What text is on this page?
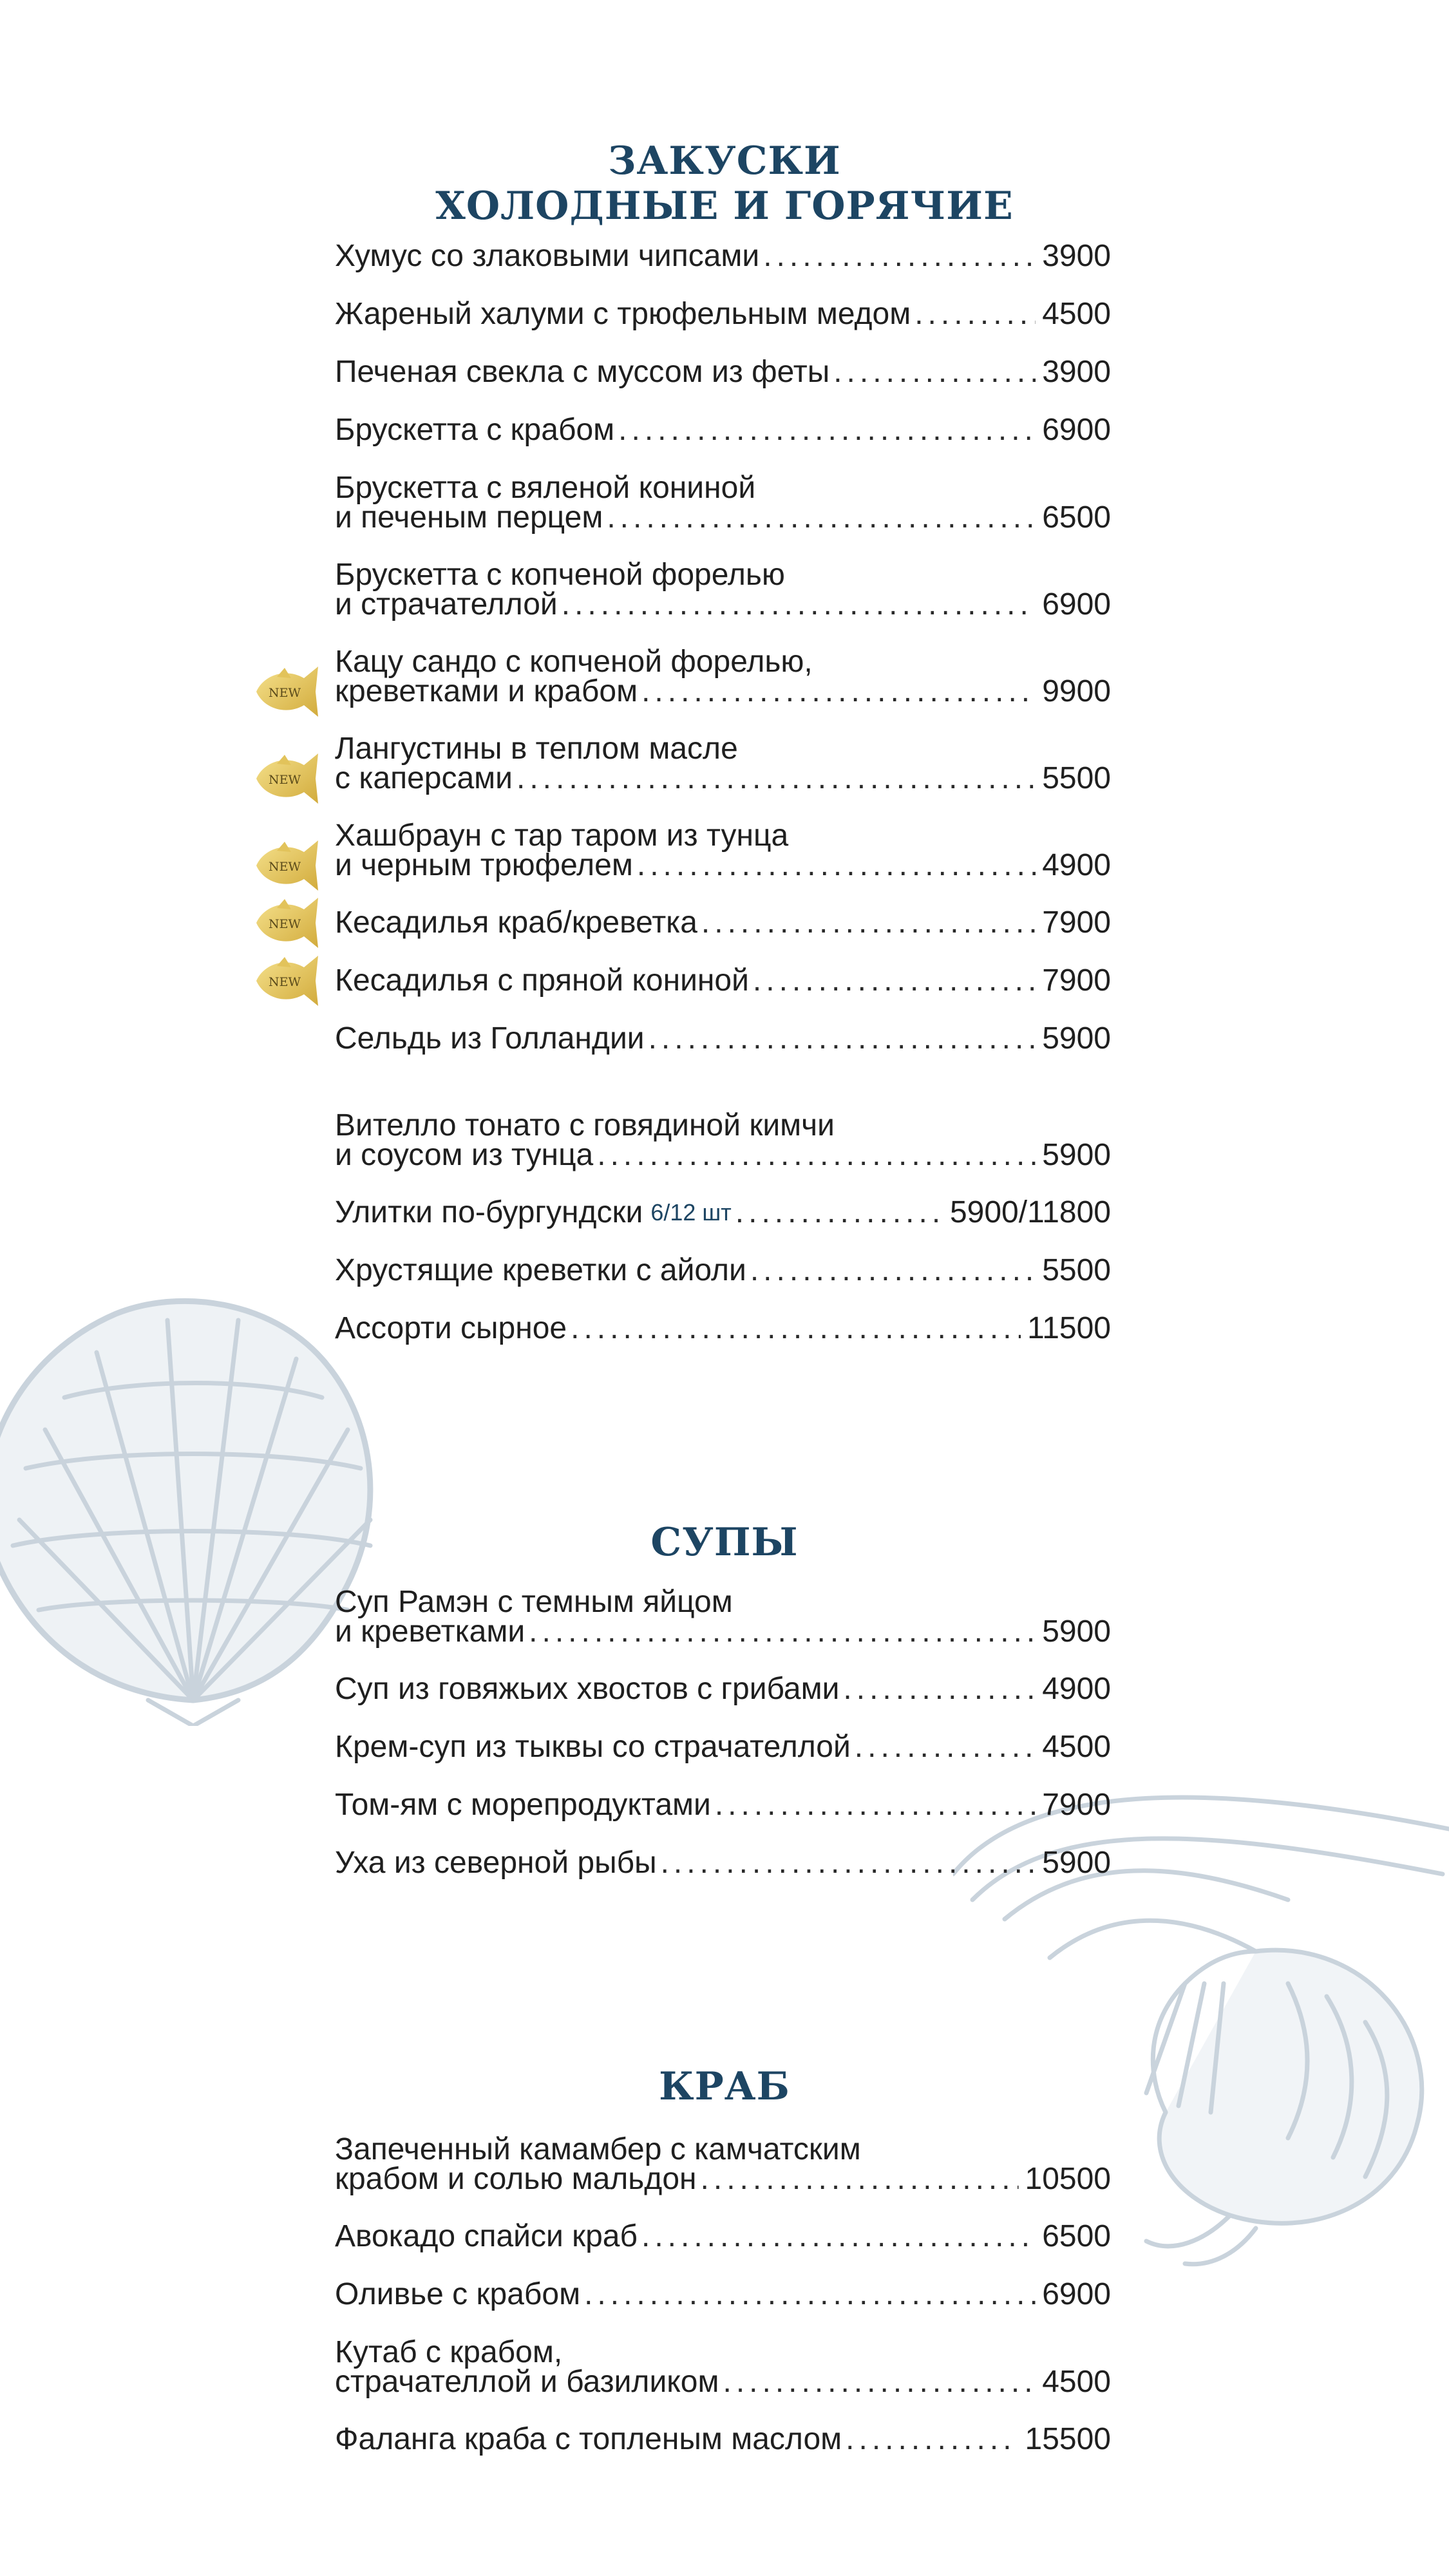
ЗАКУСКИ
ХОЛОДНЫЕ И ГОРЯЧИЕ
Хумус со злаковыми чипсами .....	3900
Жареный халуми с трюфельным медом .....	4500
Печеная свекла с муссом из феты .....	3900
Брускетта с крабом .....	6900
Брускетта с вяленой кониной
и печеным перцем .....	6500
Брускетта с копченой форелью
и страчателлой .....	6900
Кацу сандо с копченой форелью,
креветками и крабом .....	9900
NEW
Лангустины в теплом масле
с каперсами .....	5500
NEW
Хашбраун с тар таром из тунца
и черным трюфелем .....	4900
NEW
Кесадилья краб/креветка .....	7900
NEW
Кесадилья с пряной кониной .....	7900
NEW
Сельдь из Голландии .....	5900
Вителло тонато с говядиной кимчи
и соусом из тунца .....	5900
Улитки по-бургундски 6/12 шт .....	5900/11800
Хрустящие креветки с айоли .....	5500
Ассорти сырное .....	11500
СУПЫ
Суп Рамэн с темным яйцом
и креветками .....	5900
Суп из говяжьих хвостов с грибами .....	4900
Крем-суп из тыквы со страчателлой .....	4500
Том-ям с морепродуктами .....	7900
Уха из северной рыбы .....	5900
КРАБ
Запеченный камамбер с камчатским
крабом и солью мальдон .....	10500
Авокадо спайси краб .....	6500
Оливье с крабом .....	6900
Кутаб с крабом,
страчателлой и базиликом .....	4500
Фаланга краба с топленым маслом .....	15500
